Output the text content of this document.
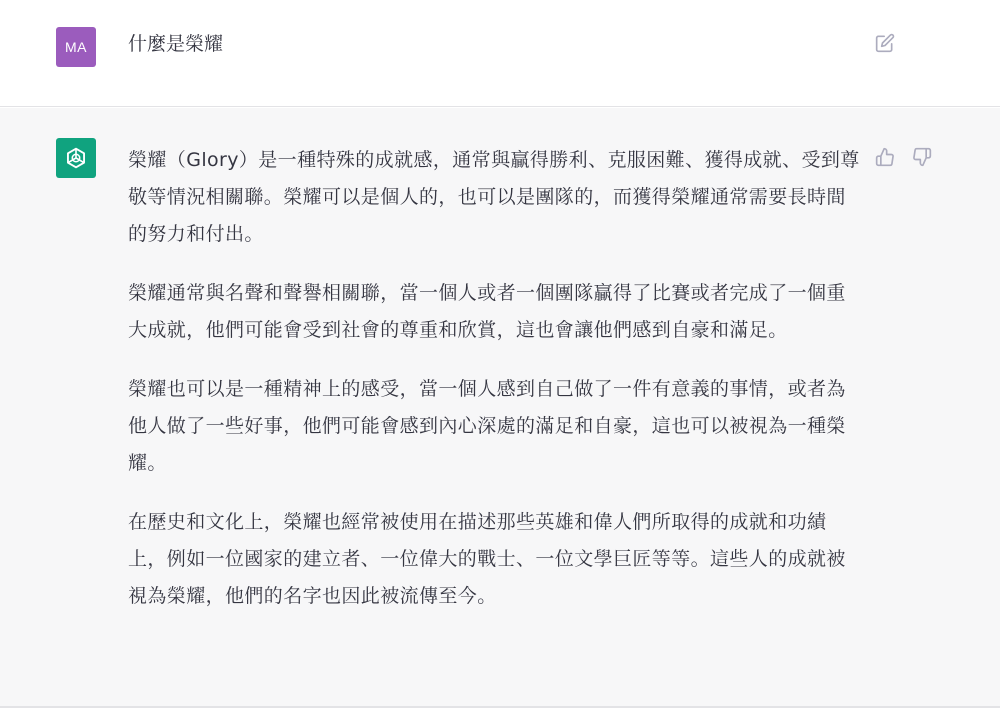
MA	什麼是榮耀

榮耀（Glory）是一種特殊的成就感，通常與贏得勝利、克服困難、獲得成就、受到尊敬等情況相關聯。榮耀可以是個人的，也可以是團隊的，而獲得榮耀通常需要長時間的努力和付出。

榮耀通常與名聲和聲譽相關聯，當一個人或者一個團隊贏得了比賽或者完成了一個重大成就，他們可能會受到社會的尊重和欣賞，這也會讓他們感到自豪和滿足。

榮耀也可以是一種精神上的感受，當一個人感到自己做了一件有意義的事情，或者為他人做了一些好事，他們可能會感到內心深處的滿足和自豪，這也可以被視為一種榮耀。

在歷史和文化上，榮耀也經常被使用在描述那些英雄和偉人們所取得的成就和功績上，例如一位國家的建立者、一位偉大的戰士、一位文學巨匠等等。這些人的成就被視為榮耀，他們的名字也因此被流傳至今。
